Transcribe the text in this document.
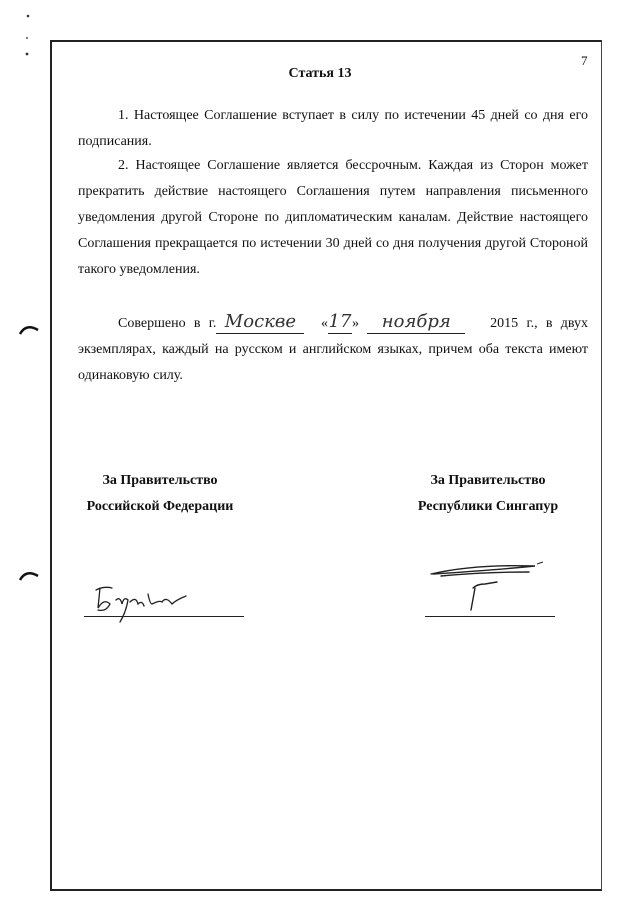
7
Статья 13

1. Настоящее Соглашение вступает в силу по истечении 45 дней со дня его подписания.

2. Настоящее Соглашение является бессрочным. Каждая из Сторон может прекратить действие настоящего Соглашения путем направления письменного уведомления другой Стороне по дипломатическим каналам. Действие настоящего Соглашения прекращается по истечении 30 дней со дня получения другой Стороной такого уведомления.

Совершено в г. Москве «17» ноября	2015 г., в двух экземплярах, каждый на русском и английском языках, причем оба текста имеют одинаковую силу.

За Правительство
Российской Федерации
За Правительство
Республики Сингапур
